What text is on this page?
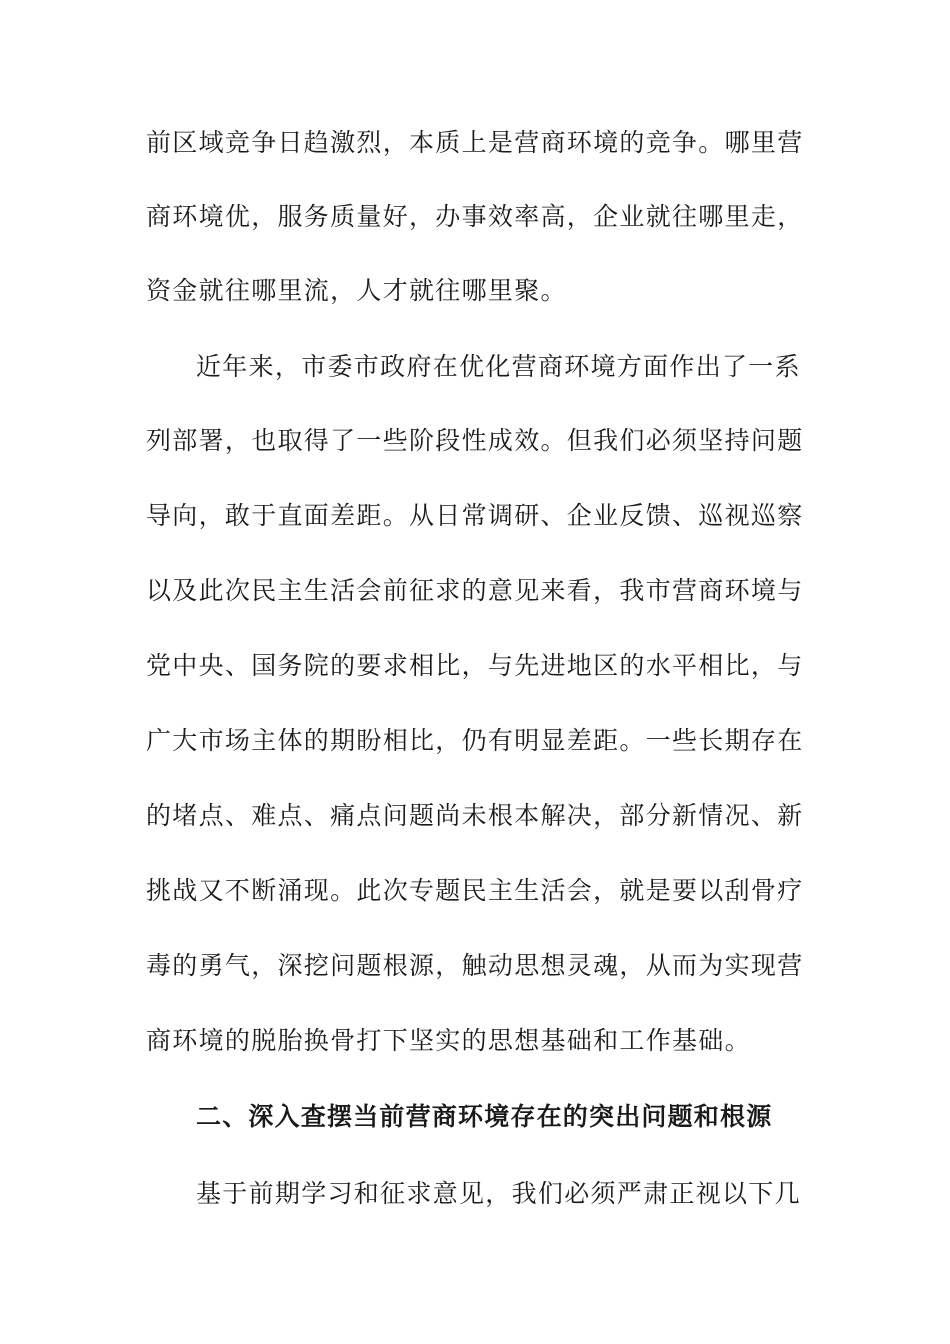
前区域竞争日趋激烈，本质上是营商环境的竞争。哪里营
商环境优，服务质量好，办事效率高，企业就往哪里走，
资金就往哪里流，人才就往哪里聚。
近年来，市委市政府在优化营商环境方面作出了一系
列部署，也取得了一些阶段性成效。但我们必须坚持问题
导向，敢于直面差距。从日常调研、企业反馈、巡视巡察
以及此次民主生活会前征求的意见来看，我市营商环境与
党中央、国务院的要求相比，与先进地区的水平相比，与
广大市场主体的期盼相比，仍有明显差距。一些长期存在
的堵点、难点、痛点问题尚未根本解决，部分新情况、新
挑战又不断涌现。此次专题民主生活会，就是要以刮骨疗
毒的勇气，深挖问题根源，触动思想灵魂，从而为实现营
商环境的脱胎换骨打下坚实的思想基础和工作基础。
二、深入查摆当前营商环境存在的突出问题和根源
基于前期学习和征求意见，我们必须严肃正视以下几
